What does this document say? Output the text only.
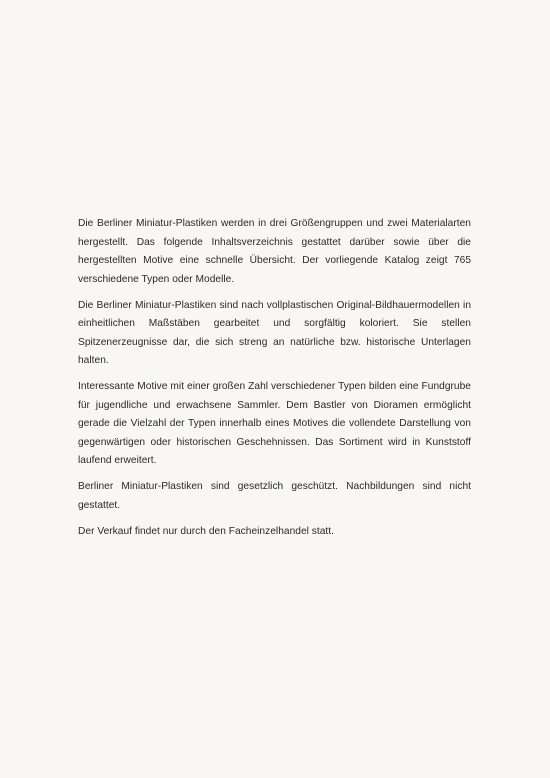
Die Berliner Miniatur-Plastiken werden in drei Größengruppen und zwei Materialarten hergestellt. Das folgende Inhaltsverzeichnis gestattet darüber sowie über die hergestellten Motive eine schnelle Übersicht. Der vorliegende Katalog zeigt 765 verschiedene Typen oder Modelle.

Die Berliner Miniatur-Plastiken sind nach vollplastischen Original-Bildhauermodellen in einheitlichen Maßstäben gearbeitet und sorgfältig koloriert. Sie stellen Spitzenerzeugnisse dar, die sich streng an natürliche bzw. historische Unterlagen halten.

Interessante Motive mit einer großen Zahl verschiedener Typen bilden eine Fundgrube für jugendliche und erwachsene Sammler. Dem Bastler von Dioramen ermöglicht gerade die Vielzahl der Typen innerhalb eines Motives die vollendete Darstellung von gegenwärtigen oder historischen Geschehnissen. Das Sortiment wird in Kunststoff laufend erweitert.

Berliner Miniatur-Plastiken sind gesetzlich geschützt. Nachbildungen sind nicht gestattet.

Der Verkauf findet nur durch den Facheinzelhandel statt.
